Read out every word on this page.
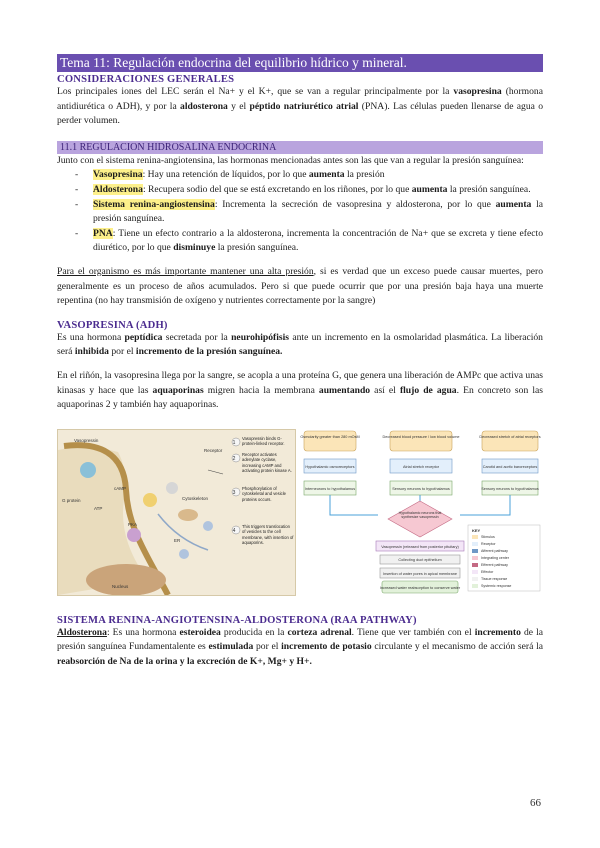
Tema 11: Regulación endocrina del equilibrio hídrico y mineral.
CONSIDERACIONES GENERALES

Los principales iones del LEC serán el Na+ y el K+, que se van a regular principalmente por la vasopresina (hormona antidiurética o ADH), y por la aldosterona y el péptido natriurético atrial (PNA). Las células pueden llenarse de agua o perder volumen.

11.1 REGULACION HIDROSALINA ENDOCRINA

Junto con el sistema renina-angiotensina, las hormonas mencionadas antes son las que van a regular la presión sanguínea:

- Vasopresina: Hay una retención de líquidos, por lo que aumenta la presión
- Aldosterona: Recupera sodio del que se está excretando en los riñones, por lo que aumenta la presión sanguínea.
- Sistema renina-angiostensina: Incrementa la secreción de vasopresina y aldosterona, por lo que aumenta la presión sanguínea.
- PNA: Tiene un efecto contrario a la aldosterona, incrementa la concentración de Na+ que se excreta y tiene efecto diurético, por lo que disminuye la presión sanguínea.

Para el organismo es más importante mantener una alta presión, si es verdad que un exceso puede causar muertes, pero generalmente es un proceso de años acumulados. Pero si que puede ocurrir que por una presión baja haya una muerte repentina (no hay transmisión de oxígeno y nutrientes correctamente por la sangre)

VASOPRESINA (ADH)

Es una hormona peptídica secretada por la neurohipófisis ante un incremento en la osmolaridad plasmática. La liberación será inhibida por el incremento de la presión sanguínea.

En el riñón, la vasopresina llega por la sangre, se acopla a una proteína G, que genera una liberación de AMPc que activa unas kinasas y hace que las aquaporinas migren hacia la membrana aumentando así el flujo de agua. En concreto son las aquaporinas 2 y también hay aquaporinas.

Vasopressin
Receptor
G protein
ATP
cAMP
PKA
Cytoskeleton
ER
Nucleus
1
2
3
4
Vasopressin binds G-protein-linked receptor.
Receptor activates adenylate cyclase, increasing cAMP and activating protein kinase A.
Phosphorylation of cytoskeletal and vesicle proteins occurs.
This triggers translocation of vesicles to the cell membrane, with insertion of aquaporins.
Osmolarity greater than 280 mOsM	Decreased blood pressure / low blood volume	Decreased stretch of atrial receptors
Hypothalamic osmoreceptors	Atrial stretch receptor	Carotid and aortic baroreceptors
Interneurons to hypothalamus	Sensory neurons to hypothalamus	Sensory neurons to hypothalamus
Hypothalamic neurons that synthesize vasopressin
Vasopressin (released from posterior pituitary)
Collecting duct epithelium
Insertion of water pores in apical membrane
Increased water reabsorption to conserve water
KEY
Stimulus
Receptor
Afferent pathway
Integrating center
Efferent pathway
Effector
Tissue response
Systemic response
SISTEMA RENINA-ANGIOTENSINA-ALDOSTERONA (RAA PATHWAY)

Aldosterona: Es una hormona esteroidea producida en la corteza adrenal. Tiene que ver también con el incremento de la presión sanguínea Fundamentalente es estimulada por el incremento de potasio circulante y el mecanismo de acción será la reabsorción de Na de la orina y la excreción de K+, Mg+ y H+.

66
